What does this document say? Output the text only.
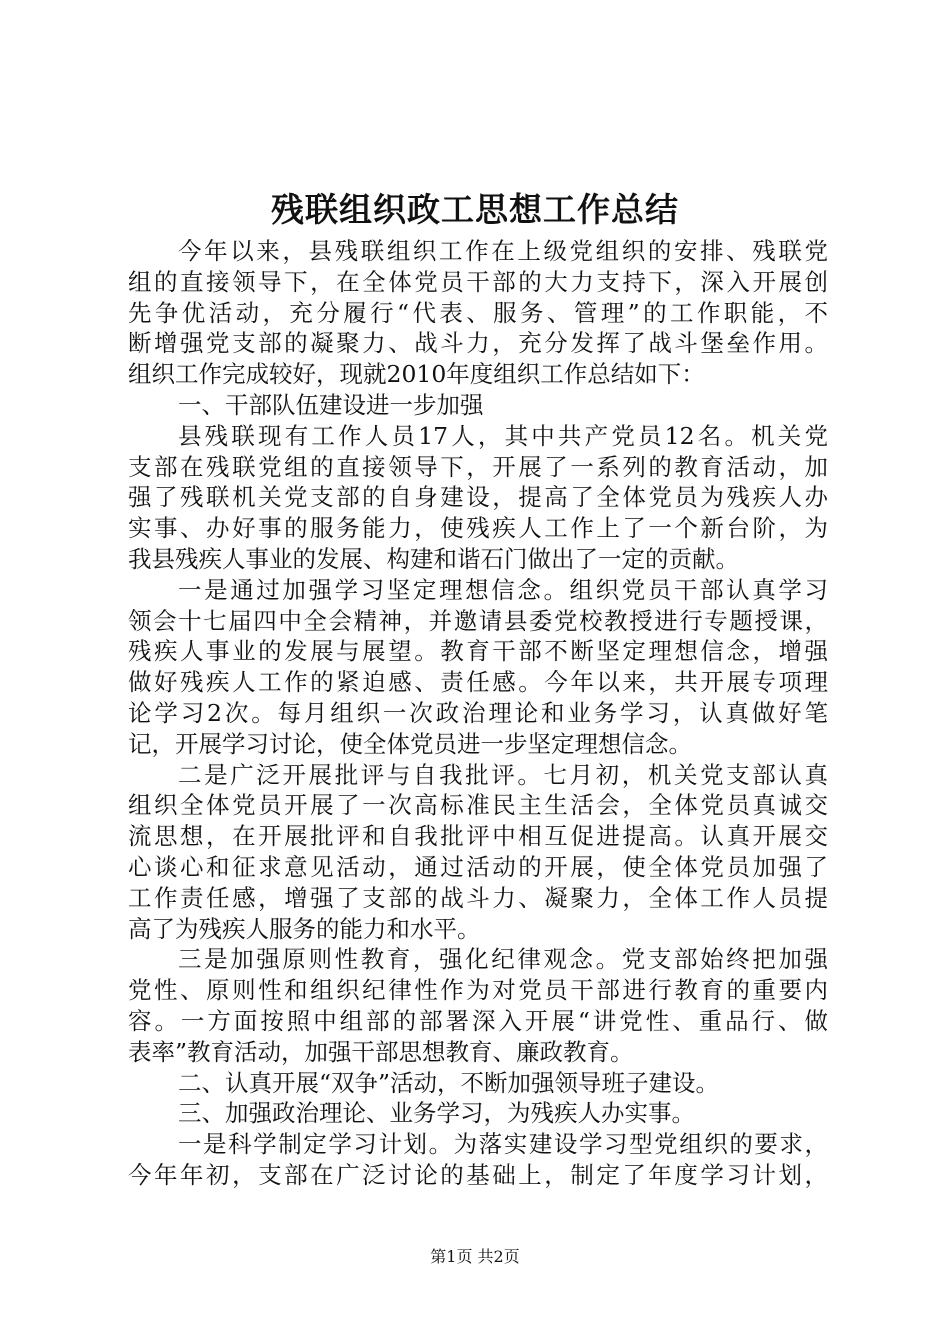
残联组织政工思想工作总结
今年以来，县残联组织工作在上级党组织的安排、残联党
组的直接领导下，在全体党员干部的大力支持下，深入开展创
先争优活动，充分履行“代表、服务、管理”的工作职能，不
断增强党支部的凝聚力、战斗力，充分发挥了战斗堡垒作用。
组织工作完成较好，现就2010年度组织工作总结如下：
一、干部队伍建设进一步加强
县残联现有工作人员17人，其中共产党员12名。机关党
支部在残联党组的直接领导下，开展了一系列的教育活动，加
强了残联机关党支部的自身建设，提高了全体党员为残疾人办
实事、办好事的服务能力，使残疾人工作上了一个新台阶，为
我县残疾人事业的发展、构建和谐石门做出了一定的贡献。
一是通过加强学习坚定理想信念。组织党员干部认真学习
领会十七届四中全会精神，并邀请县委党校教授进行专题授课，
残疾人事业的发展与展望。教育干部不断坚定理想信念，增强
做好残疾人工作的紧迫感、责任感。今年以来，共开展专项理
论学习2次。每月组织一次政治理论和业务学习，认真做好笔
记，开展学习讨论，使全体党员进一步坚定理想信念。
二是广泛开展批评与自我批评。七月初，机关党支部认真
组织全体党员开展了一次高标准民主生活会，全体党员真诚交
流思想，在开展批评和自我批评中相互促进提高。认真开展交
心谈心和征求意见活动，通过活动的开展，使全体党员加强了
工作责任感，增强了支部的战斗力、凝聚力，全体工作人员提
高了为残疾人服务的能力和水平。
三是加强原则性教育，强化纪律观念。党支部始终把加强
党性、原则性和组织纪律性作为对党员干部进行教育的重要内
容。一方面按照中组部的部署深入开展“讲党性、重品行、做
表率”教育活动，加强干部思想教育、廉政教育。
二、认真开展“双争”活动，不断加强领导班子建设。
三、加强政治理论、业务学习，为残疾人办实事。
一是科学制定学习计划。为落实建设学习型党组织的要求，
今年年初，支部在广泛讨论的基础上，制定了年度学习计划，
第1页 共2页
